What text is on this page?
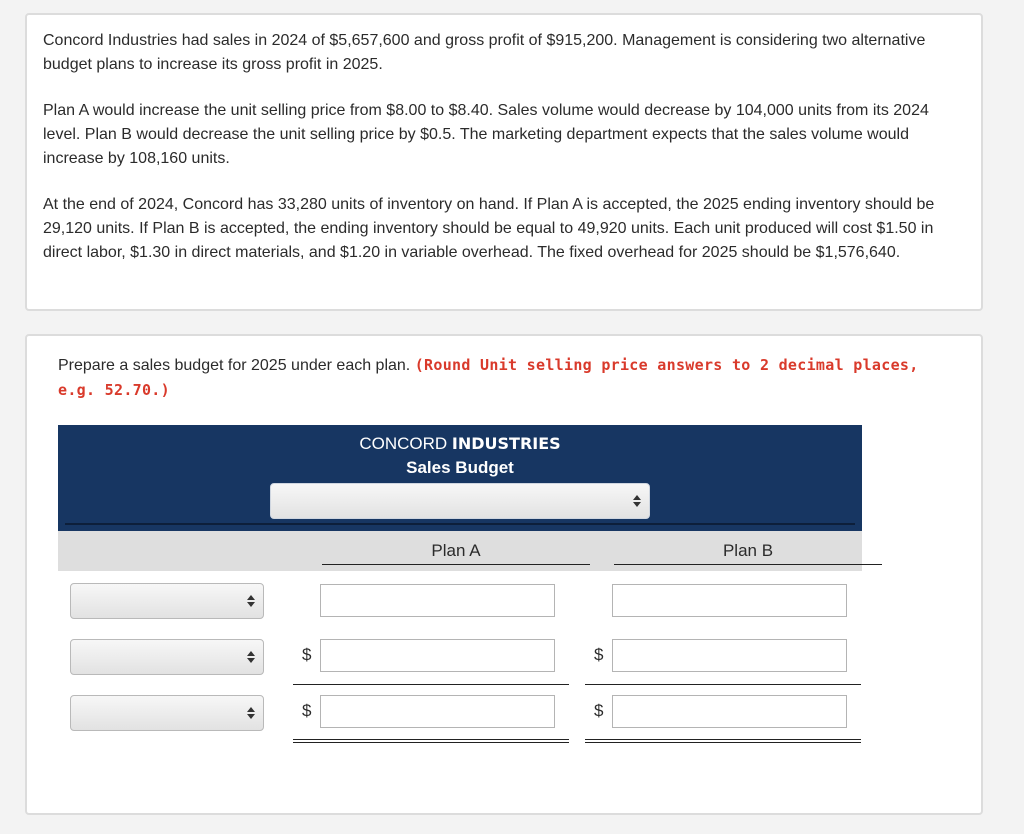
Concord Industries had sales in 2024 of $5,657,600 and gross profit of $915,200. Management is considering two alternative budget plans to increase its gross profit in 2025.

Plan A would increase the unit selling price from $8.00 to $8.40. Sales volume would decrease by 104,000 units from its 2024 level. Plan B would decrease the unit selling price by $0.5. The marketing department expects that the sales volume would increase by 108,160 units.

At the end of 2024, Concord has 33,280 units of inventory on hand. If Plan A is accepted, the 2025 ending inventory should be 29,120 units. If Plan B is accepted, the ending inventory should be equal to 49,920 units. Each unit produced will cost $1.50 in direct labor, $1.30 in direct materials, and $1.20 in variable overhead. The fixed overhead for 2025 should be $1,576,640.

Prepare a sales budget for 2025 under each plan. (Round Unit selling price answers to 2 decimal places, e.g. 52.70.)
CONCORD INDUSTRIES
Sales Budget
Plan A	Plan B
$	$
$	$
